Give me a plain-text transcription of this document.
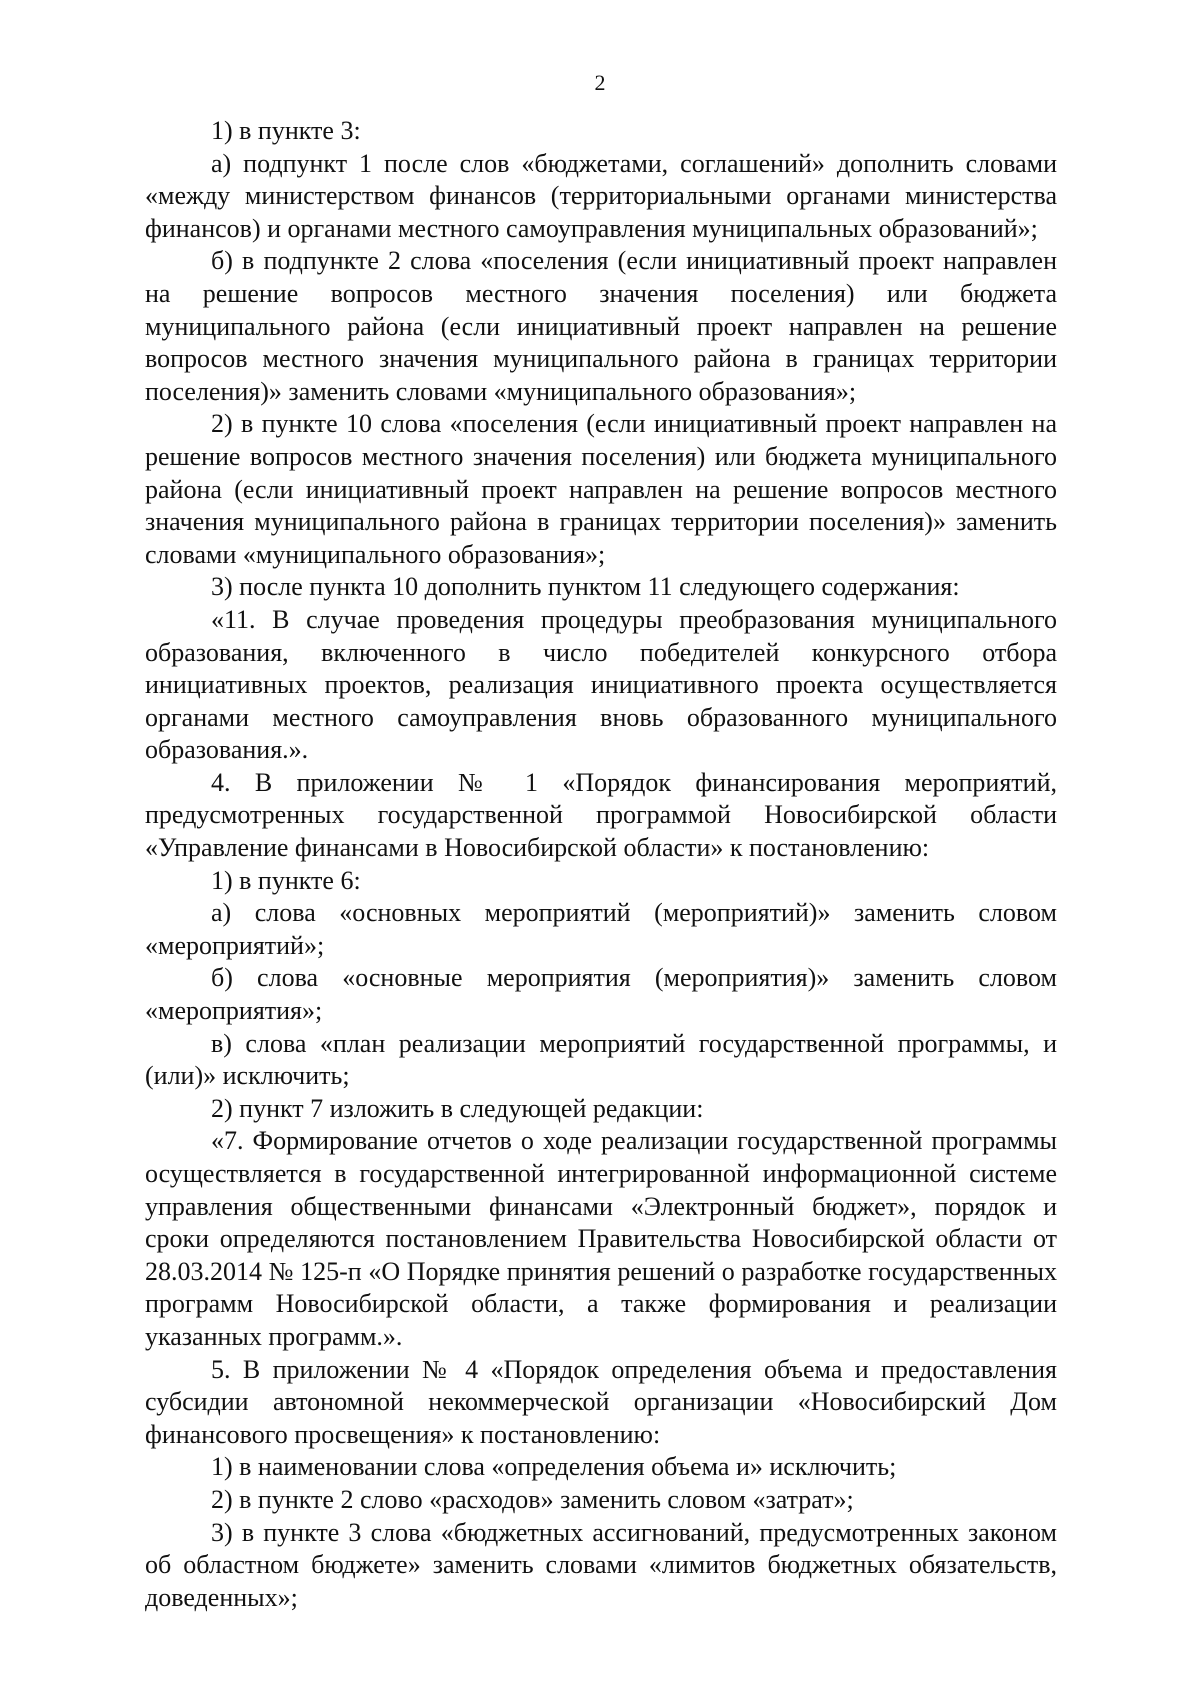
2

1) в пункте 3:

а) подпункт 1 после слов «бюджетами, соглашений» дополнить словами «между министерством финансов (территориальными органами министерства финансов) и органами местного самоуправления муниципальных образований»;

б) в подпункте 2 слова «поселения (если инициативный проект направлен на решение вопросов местного значения поселения) или бюджета муниципального района (если инициативный проект направлен на решение вопросов местного значения муниципального района в границах территории поселения)» заменить словами «муниципального образования»;

2) в пункте 10 слова «поселения (если инициативный проект направлен на решение вопросов местного значения поселения) или бюджета муниципального района (если инициативный проект направлен на решение вопросов местного значения муниципального района в границах территории поселения)» заменить словами «муниципального образования»;

3) после пункта 10 дополнить пунктом 11 следующего содержания:

«11. В случае проведения процедуры преобразования муниципального образования, включенного в число победителей конкурсного отбора инициативных проектов, реализация инициативного проекта осуществляется органами местного самоуправления вновь образованного муниципального образования.».

4. В приложении № 1 «Порядок финансирования мероприятий, предусмотренных государственной программой Новосибирской области «Управление финансами в Новосибирской области» к постановлению:

1) в пункте 6:

а) слова «основных мероприятий (мероприятий)» заменить словом «мероприятий»;

б) слова «основные мероприятия (мероприятия)» заменить словом «мероприятия»;

в) слова «план реализации мероприятий государственной программы, и (или)» исключить;

2) пункт 7 изложить в следующей редакции:

«7. Формирование отчетов о ходе реализации государственной программы осуществляется в государственной интегрированной информационной системе управления общественными финансами «Электронный бюджет», порядок и сроки определяются постановлением Правительства Новосибирской области от 28.03.2014 № 125-п «О Порядке принятия решений о разработке государственных программ Новосибирской области, а также формирования и реализации указанных программ.».

5. В приложении № 4 «Порядок определения объема и предоставления субсидии автономной некоммерческой организации «Новосибирский Дом финансового просвещения» к постановлению:

1) в наименовании слова «определения объема и» исключить;

2) в пункте 2 слово «расходов» заменить словом «затрат»;

3) в пункте 3 слова «бюджетных ассигнований, предусмотренных законом об областном бюджете» заменить словами «лимитов бюджетных обязательств, доведенных»;
